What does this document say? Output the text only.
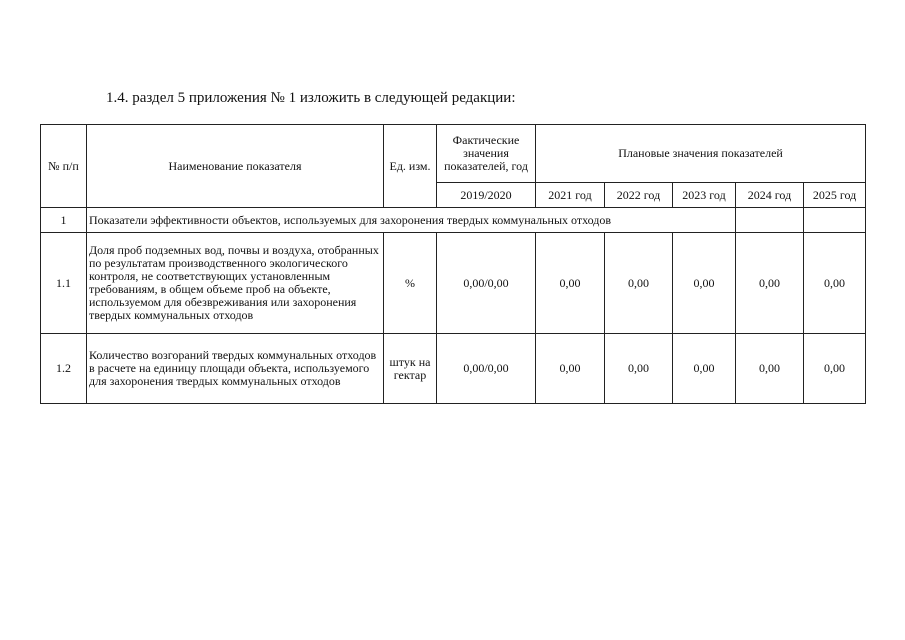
1.4. раздел 5 приложения № 1 изложить в следующей редакции:
№ п/п	Наименование показателя	Ед. изм.	Фактические значения показателей, год	Плановые значения показателей				
			2019/2020	2021 год	2022 год	2023 год	2024 год	2025 год
1	Показатели эффективности объектов, используемых для захоронения твердых коммунальных отходов							
1.1	Доля проб подземных вод, почвы и воздуха, отобранных по результатам производственного экологического контроля, не соответствующих установленным требованиям, в общем объеме проб на объекте, используемом для обезвреживания или захоронения твердых коммунальных отходов	%	0,00/0,00	0,00	0,00	0,00	0,00	0,00
1.2	Количество возгораний твердых коммунальных отходов в расчете на единицу площади объекта, используемого для захоронения твердых коммунальных отходов	штук на гектар	0,00/0,00	0,00	0,00	0,00	0,00	0,00
